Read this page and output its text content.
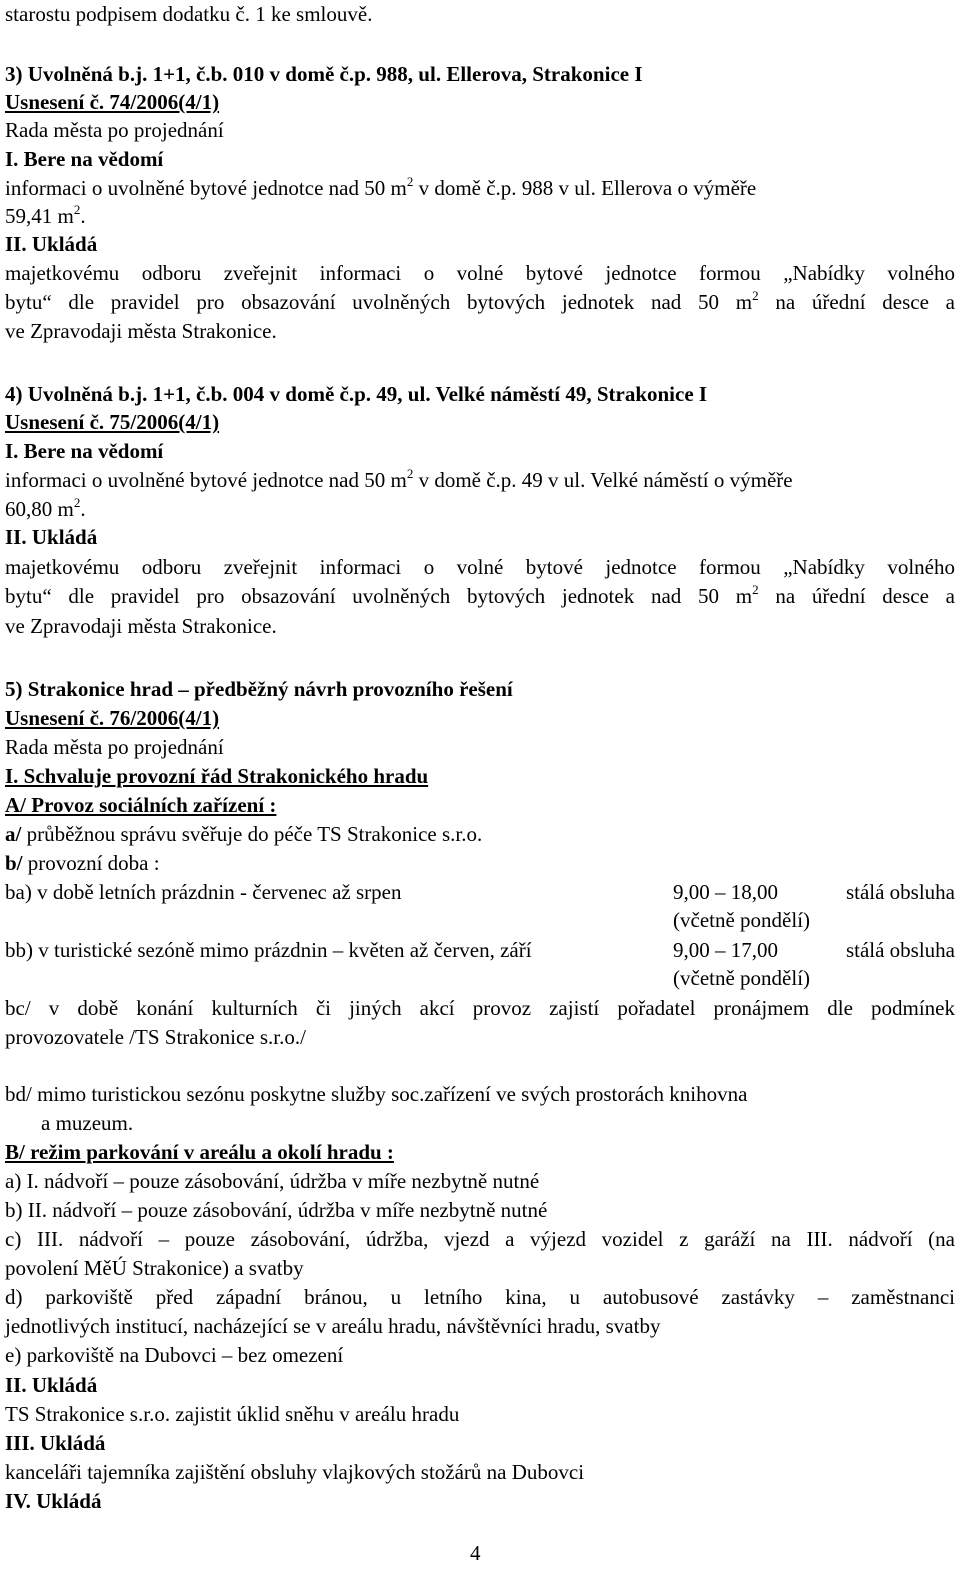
starostu podpisem dodatku č. 1 ke smlouvě.
3) Uvolněná b.j. 1+1, č.b. 010 v domě č.p. 988, ul. Ellerova, Strakonice I
Usnesení č. 74/2006(4/1)
Rada města po projednání
I. Bere na vědomí
informaci o uvolněné bytové jednotce nad 50 $m^2$ v domě č.p. 988 v ul. Ellerova o výměře
59,41 $m^2$.
II. Ukládá
majetkovému odboru zveřejnit informaci o volné bytové jednotce formou „Nabídky volného
bytu“ dle pravidel pro obsazování uvolněných bytových jednotek nad 50 $m^2$ na úřední desce a
ve Zpravodaji města Strakonice.
4) Uvolněná b.j. 1+1, č.b. 004 v domě č.p. 49, ul. Velké náměstí 49, Strakonice I
Usnesení č. 75/2006(4/1)
I. Bere na vědomí
informaci o uvolněné bytové jednotce nad 50 $m^2$ v domě č.p. 49 v ul. Velké náměstí o výměře
60,80 $m^2$.
II. Ukládá
majetkovému odboru zveřejnit informaci o volné bytové jednotce formou „Nabídky volného
bytu“ dle pravidel pro obsazování uvolněných bytových jednotek nad 50 $m^2$ na úřední desce a
ve Zpravodaji města Strakonice.
5) Strakonice hrad – předběžný návrh provozního řešení
Usnesení č. 76/2006(4/1)
Rada města po projednání
I. Schvaluje provozní řád Strakonického hradu
A/ Provoz sociálních zařízení :
a/ průběžnou správu svěřuje do péče TS Strakonice s.r.o.
b/ provozní doba :
ba) v době letních prázdnin - červenec až srpen	9,00 – 18,00	stálá obsluha
(včetně pondělí)
bb) v turistické sezóně mimo prázdnin – květen až červen, září	9,00 – 17,00	stálá obsluha
(včetně pondělí)
bc/ v době konání kulturních či jiných akcí provoz zajistí pořadatel pronájmem dle podmínek
provozovatele /TS Strakonice s.r.o./
bd/ mimo turistickou sezónu poskytne služby soc.zařízení ve svých prostorách knihovna
a muzeum.
B/ režim parkování v areálu a okolí hradu :
a) I. nádvoří – pouze zásobování, údržba v míře nezbytně nutné
b) II. nádvoří – pouze zásobování, údržba v míře nezbytně nutné
c) III. nádvoří – pouze zásobování, údržba, vjezd a výjezd vozidel z garáží na III. nádvoří (na
povolení MěÚ Strakonice) a svatby
d) parkoviště před západní bránou, u letního kina, u autobusové zastávky – zaměstnanci
jednotlivých institucí, nacházející se v areálu hradu, návštěvníci hradu, svatby
e) parkoviště na Dubovci – bez omezení
II. Ukládá
TS Strakonice s.r.o. zajistit úklid sněhu v areálu hradu
III. Ukládá
kanceláři tajemníka zajištění obsluhy vlajkových stožárů na Dubovci
IV. Ukládá
4
